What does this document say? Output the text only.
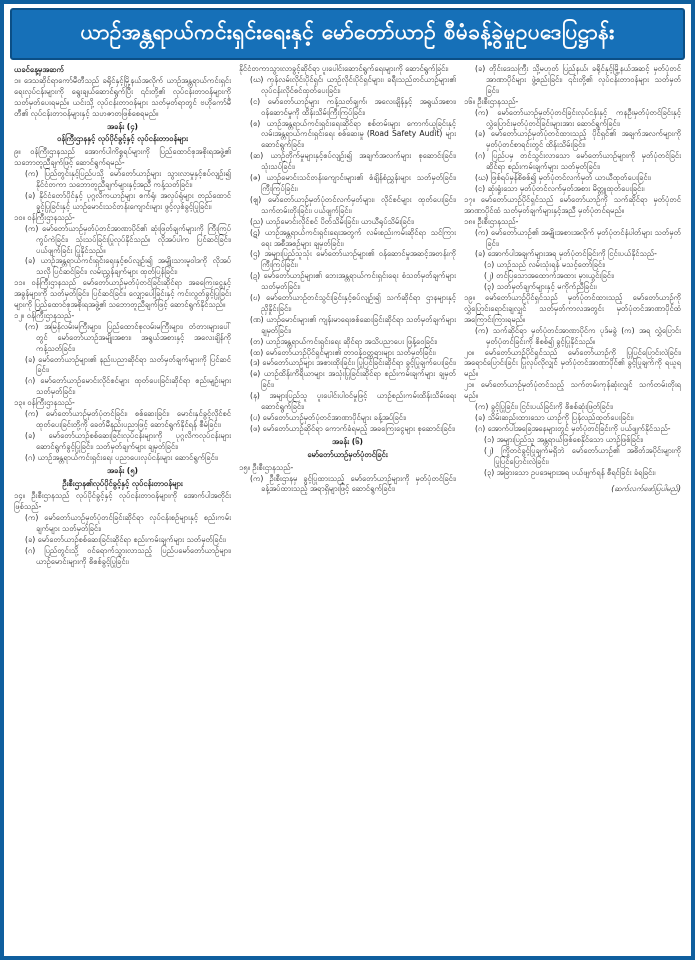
ယာဉ်အန္တရာယ်ကင်းရှင်းရေးနှင့် မော်တော်ယာဉ် စီမံခန့်ခွဲမှုဥပဒေပြဋ္ဌာန်း

ယခင်နေ့မှအဆက်

၁။ ဒေသဆိုင်ရာကော်မီတီသည် ခရိုင်နှင့်မြို့နယ်အလိုက် ယာဉ်အန္တရာယ်ကင်းရှင်းရေးလုပ်ငန်းများကို ရွေးချယ်ဆောင်ရွက်ပြီး ၎င်းတို့၏ လုပ်ငန်းတာဝန်များကို သတ်မှတ်ပေးရမည်။ ယင်းသို့ လုပ်ငန်းတာဝန်များ သတ်မှတ်ရာတွင် ဗဟိုကော်မီတီ၏ လုပ်ငန်းတာဝန်များနှင့် သဟဇာတဖြစ်စေရမည်။

အခန်း (၄)

ဝန်ကြီးဌာနနှင့် လုပ်ပိုင်ခွင့်နှင့် လုပ်ငန်းတာဝန်များ

၉။ ဝန်ကြီးဌာနသည် အောက်ပါကိစ္စရပ်များကို ပြည်ထောင်စုအစိုးရအဖွဲ့၏ သဘောတူညီချက်ဖြင့် ဆောင်ရွက်ရမည်-

(က) ပြည်တွင်းနှင့်ပြည်ပသို့ မော်တော်ယာဉ်များ သွားလာမှုနှင့်စပ်လျဉ်း၍ နိုင်ငံတကာ သဘောတူညီချက်များနှင့်အညီ ကန့်သတ်ခြင်း၊

(ခ) နိုင်ငံတော်ပိုင်နှင့် ပုဂ္ဂလိကယာဉ်များ စက်ရုံ၊ အလုပ်ရုံများ တည်ထောင်ခွင့်ပြုခြင်းနှင့် ယာဉ်မောင်းသင်တန်းကျောင်းများ ဖွင့်လှစ်ခွင့်ပြုခြင်း၊

၁၀။ ဝန်ကြီးဌာနသည်-

(က) မော်တော်ယာဉ်မှတ်ပုံတင်အာဏာပိုင်၏ ဆုံးဖြတ်ချက်များကို ကြီးကြပ်ကွပ်ကဲခြင်း၊ သုံးသပ်ခြင်းပြုလုပ်နိုင်သည်။ လိုအပ်ပါက ပြင်ဆင်ခြင်း၊ ပယ်ဖျက်ခြင်း ပြုနိုင်သည်။

(ခ) ယာဉ်အန္တရာယ်ကင်းရှင်းရေးနှင့်စပ်လျဉ်း၍ အမျိုးသားမူဝါဒကို လိုအပ်သလို ပြင်ဆင်ခြင်း၊ လမ်းညွှန်ချက်များ ထုတ်ပြန်ခြင်း၊

၁၁။ ဝန်ကြီးဌာနသည် မော်တော်ယာဉ်မှတ်ပုံတင်ခြင်းဆိုင်ရာ အခကြေးငွေနှင့် အခွန်များကို သတ်မှတ်ခြင်း၊ ပြင်ဆင်ခြင်း၊ လျှော့ပေါ့ခြင်းနှင့် ကင်းလွတ်ခွင့်ပြုခြင်းများကို ပြည်ထောင်စုအစိုးရအဖွဲ့၏ သဘောတူညီချက်ဖြင့် ဆောင်ရွက်နိုင်သည်။

၁၂။ ဝန်ကြီးဌာနသည်-

(က) အမြန်လမ်းမကြီးများ၊ ပြည်ထောင်စုလမ်းမကြီးများ၊ တံတားများပေါ်တွင် မော်တော်ယာဉ်အမျိုးအစား၊ အရွယ်အစားနှင့် အလေးချိန်ကို ကန့်သတ်ခြင်း၊

(ခ) မော်တော်ယာဉ်များ၏ နည်းပညာဆိုင်ရာ သတ်မှတ်ချက်များကို ပြင်ဆင်ခြင်း၊

(ဂ) မော်တော်ယာဉ်မောင်းလိုင်စင်များ ထုတ်ပေးခြင်းဆိုင်ရာ စည်းမျဉ်းများ သတ်မှတ်ခြင်း၊

၁၃။ ဝန်ကြီးဌာနသည်-

(က) မော်တော်ယာဉ်မှတ်ပုံတင်ခြင်း၊ စစ်ဆေးခြင်း၊ မောင်းနှင်ခွင့်လိုင်စင် ထုတ်ပေးခြင်းတို့ကို ခေတ်မီနည်းပညာဖြင့် ဆောင်ရွက်နိုင်ရန် စီမံခြင်း၊

(ခ) မော်တော်ယာဉ်စစ်ဆေးခြင်းလုပ်ငန်းများကို ပုဂ္ဂလိကလုပ်ငန်းများ ဆောင်ရွက်ခွင့်ပြုခြင်း၊ သတ်မှတ်ချက်များ ချမှတ်ခြင်း၊

(ဂ) ယာဉ်အန္တရာယ်ကင်းရှင်းရေး ပညာပေးလုပ်ငန်းများ ဆောင်ရွက်ခြင်း၊

အခန်း (၅)

ဦးစီးဌာန၏လုပ်ပိုင်ခွင့်နှင့် လုပ်ငန်းတာဝန်များ

၁၄။ ဦးစီးဌာနသည် လုပ်ပိုင်ခွင့်နှင့် လုပ်ငန်းတာဝန်များကို အောက်ပါအတိုင်း ဖြစ်သည်-

(က) မော်တော်ယာဉ်မှတ်ပုံတင်ခြင်းဆိုင်ရာ လုပ်ငန်းစဉ်များနှင့် စည်းကမ်းချက်များ သတ်မှတ်ခြင်း၊

(ခ) မော်တော်ယာဉ်စစ်ဆေးခြင်းဆိုင်ရာ စည်းကမ်းချက်များ သတ်မှတ်ခြင်း၊

(ဂ) ပြည်တွင်းသို့ ဝင်ရောက်သွားလာသည့် ပြည်ပမော်တော်ယာဉ်များ၊ ယာဉ်မောင်းများကို စိစစ်ခွင့်ပြုခြင်း၊

နိုင်ငံတကာသွားလာခွင့်ဆိုင်ရာ ပူးပေါင်းဆောင်ရွက်ရေးများကို ဆောင်ရွက်ခြင်း၊

(ဃ) ကုန်လမ်းလိုင်းပိုင်ရှင်၊ ယာဉ်လိုင်းပိုင်ရှင်များ၊ ခရီးသည်တင်ယာဉ်များ၏ လုပ်ငန်းလိုင်စင်ထုတ်ပေးခြင်း၊

(င) မော်တော်ယာဉ်များ ကန့်သတ်ချက်၊ အလေးချိန်နှင့် အရွယ်အစား၊ ဝန်ဆောင်မှုကို ထိန်းသိမ်းကြီးကြပ်ခြင်း၊

(စ) ယာဉ်အန္တရာယ်ကင်းရှင်းရေးဆိုင်ရာ စစ်တမ်းများ ကောက်ယူခြင်းနှင့် လမ်းအန္တရာယ်ကင်းရှင်းရေး စစ်ဆေးမှု (Road Safety Audit) များ ဆောင်ရွက်ခြင်း၊

(ဆ) ယာဉ်တိုက်မှုများနှင့်စပ်လျဉ်း၍ အချက်အလက်များ စုဆောင်းခြင်း၊ သုံးသပ်ခြင်း၊

(ဇ) ယာဉ်မောင်းသင်တန်းကျောင်းများ၏ စံချိန်စံညွှန်းများ သတ်မှတ်ခြင်း၊ ကြီးကြပ်ခြင်း၊

(ဈ) မော်တော်ယာဉ်မှတ်ပုံတင်လက်မှတ်များ၊ လိုင်စင်များ ထုတ်ပေးခြင်း၊ သက်တမ်းတိုးခြင်း၊ ပယ်ဖျက်ခြင်း၊

(ည) ယာဉ်မောင်းလိုင်စင် ပိတ်သိမ်းခြင်း၊ ယာယီရုပ်သိမ်းခြင်း၊

(ဋ) ယာဉ်အန္တရာယ်ကင်းရှင်းရေးအတွက် လမ်းစည်းကမ်းဆိုင်ရာ သင်ကြားရေး အစီအစဉ်များ ချမှတ်ခြင်း၊

(ဌ) အများပြည်သူသုံး မော်တော်ယာဉ်များ၏ ဝန်ဆောင်မှုအဆင့်အတန်းကို ကြီးကြပ်ခြင်း၊

(ဍ) မော်တော်ယာဉ်များ၏ ဘေးအန္တရာယ်ကင်းရှင်းရေး စံသတ်မှတ်ချက်များ သတ်မှတ်ခြင်း၊

(ဎ) မော်တော်ယာဉ်တင်သွင်းခြင်းနှင့်စပ်လျဉ်း၍ သက်ဆိုင်ရာ ဌာနများနှင့် ညှိနှိုင်းခြင်း၊

(ဏ) ယာဉ်မောင်းများ၏ ကျန်းမာရေးစစ်ဆေးခြင်းဆိုင်ရာ သတ်မှတ်ချက်များ ချမှတ်ခြင်း၊

(တ) ယာဉ်အန္တရာယ်ကင်းရှင်းရေး ဆိုင်ရာ အသိပညာပေး ဖြန့်ဝေခြင်း၊

(ထ) မော်တော်ယာဉ်ပိုင်ရှင်များ၏ တာဝန်ဝတ္တရားများ သတ်မှတ်ခြင်း၊

(ဒ) မော်တော်ယာဉ်များ အစားထိုးခြင်း၊ ပြုပြင်ခြင်းဆိုင်ရာ ခွင့်ပြုချက်ပေးခြင်း၊

(ဓ) ယာဉ်ထိန်းကိရိယာများ အသုံးပြုခြင်းဆိုင်ရာ စည်းကမ်းချက်များ ချမှတ်ခြင်း၊

(န) အများပြည်သူ ပူးပေါင်းပါဝင်မှုဖြင့် ယာဉ်စည်းကမ်းထိန်းသိမ်းရေး ဆောင်ရွက်ခြင်း၊

(ပ) မော်တော်ယာဉ်မှတ်ပုံတင်အာဏာပိုင်များ ခန့်အပ်ခြင်း၊

(ဖ) မော်တော်ယာဉ်ဆိုင်ရာ ကောက်ခံရမည့် အခကြေးငွေများ စုဆောင်းခြင်း၊

အခန်း (၆)

မော်တော်ယာဉ်မှတ်ပုံတင်ခြင်း

၁၅။ ဦးစီးဌာနသည်-

(က) ဦးစီးဌာနမှ ခွင့်ပြုထားသည့် မော်တော်ယာဉ်များကို မှတ်ပုံတင်ခြင်း၊ ခန့်အပ်ထားသည့် အရာရှိများဖြင့် ဆောင်ရွက်ခြင်း၊

(ခ) တိုင်းဒေသကြီး သို့မဟုတ် ပြည်နယ်၊ ခရိုင်နှင့်မြို့နယ်အဆင့် မှတ်ပုံတင်အာဏာပိုင်များ ဖွဲ့စည်းခြင်း၊ ၎င်းတို့၏ လုပ်ငန်းတာဝန်များ သတ်မှတ်ခြင်း၊

၁၆။ ဦးစီးဌာနသည်-

(က) မော်တော်ယာဉ်မှတ်ပုံတင်ခြင်းလုပ်ငန်းနှင့် ကနဦးမှတ်ပုံတင်ခြင်းနှင့် လွှဲပြောင်းမှတ်ပုံတင်ခြင်းများအား ဆောင်ရွက်ခြင်း၊

(ခ) မော်တော်ယာဉ်မှတ်ပုံတင်ထားသည့် ပိုင်ရှင်၏ အချက်အလက်များကို မှတ်ပုံတင်စာရင်းတွင် ထိန်းသိမ်းခြင်း၊

(ဂ) ပြည်ပမှ တင်သွင်းလာသော မော်တော်ယာဉ်များကို မှတ်ပုံတင်ခြင်းဆိုင်ရာ စည်းကမ်းချက်များ သတ်မှတ်ခြင်း၊

(ဃ) ဖြစ်ရပ်မှန်စိစစ်၍ မှတ်ပုံတင်လက်မှတ် ယာယီထုတ်ပေးခြင်း၊

(င) ဆုံးရှုံးသော မှတ်ပုံတင်လက်မှတ်အစား မိတ္တူထုတ်ပေးခြင်း၊

၁၇။ မော်တော်ယာဉ်ပိုင်ရှင်သည် မော်တော်ယာဉ်ကို သက်ဆိုင်ရာ မှတ်ပုံတင်အာဏာပိုင်ထံ သတ်မှတ်ချက်များနှင့်အညီ မှတ်ပုံတင်ရမည်။

၁၈။ ဦးစီးဌာနသည်-

(က) မော်တော်ယာဉ်၏ အမျိုးအစားအလိုက် မှတ်ပုံတင်နံပါတ်များ သတ်မှတ်ခြင်း၊

(ခ) အောက်ပါအချက်များအရ မှတ်ပုံတင်ခြင်းကို ငြင်းပယ်နိုင်သည်-

(၁) ယာဉ်သည် လမ်းသုံးရန် မသင့်တော်ခြင်း၊

(၂) တင်ပြသောအထောက်အထား မှားယွင်းခြင်း၊

(၃) သတ်မှတ်ချက်များနှင့် မကိုက်ညီခြင်း၊

၁၉။ မော်တော်ယာဉ်ပိုင်ရှင်သည် မှတ်ပုံတင်ထားသည့် မော်တော်ယာဉ်ကို လွှဲပြောင်းရောင်းချလျှင် သတ်မှတ်ကာလအတွင်း မှတ်ပုံတင်အာဏာပိုင်ထံ အကြောင်းကြားရမည်။

(က) သက်ဆိုင်ရာ မှတ်ပုံတင်အာဏာပိုင်က ပုဒ်မခွဲ (က) အရ လွှဲပြောင်းမှတ်ပုံတင်ခြင်းကို စိစစ်၍ ခွင့်ပြုနိုင်သည်။

၂၀။ မော်တော်ယာဉ်ပိုင်ရှင်သည် မော်တော်ယာဉ်ကို ပြုပြင်ပြောင်းလဲခြင်း၊ အရောင်ပြောင်းခြင်း ပြုလုပ်လိုလျှင် မှတ်ပုံတင်အာဏာပိုင်၏ ခွင့်ပြုချက်ကို ရယူရမည်။

၂၁။ မော်တော်ယာဉ်မှတ်ပုံတင်သည့် သက်တမ်းကုန်ဆုံးလျှင် သက်တမ်းတိုးရမည်။

(က) ခွင့်ပြုခြင်း၊ ငြင်းပယ်ခြင်းကို စိစစ်ဆုံးဖြတ်ခြင်း၊

(ခ) သိမ်းဆည်းထားသော ယာဉ်ကို ပြန်လည်ထုတ်ပေးခြင်း၊

(ဂ) အောက်ပါအခြေအနေများတွင် မှတ်ပုံတင်ခြင်းကို ပယ်ဖျက်နိုင်သည်-

(၁) အများပြည်သူ အန္တရာယ်ဖြစ်စေနိုင်သော ယာဉ်ဖြစ်ခြင်း၊

(၂) ကြိုတင်ခွင့်ပြုချက်မရှိဘဲ မော်တော်ယာဉ်၏ အစိတ်အပိုင်းများကို ပြုပြင်ပြောင်းလဲခြင်း၊

(၃) အခြားသော ဥပဒေများအရ ပယ်ဖျက်ရန် စီရင်ခြင်း ခံရခြင်း၊

(ဆက်လက်ဖော်ပြပါမည်)
